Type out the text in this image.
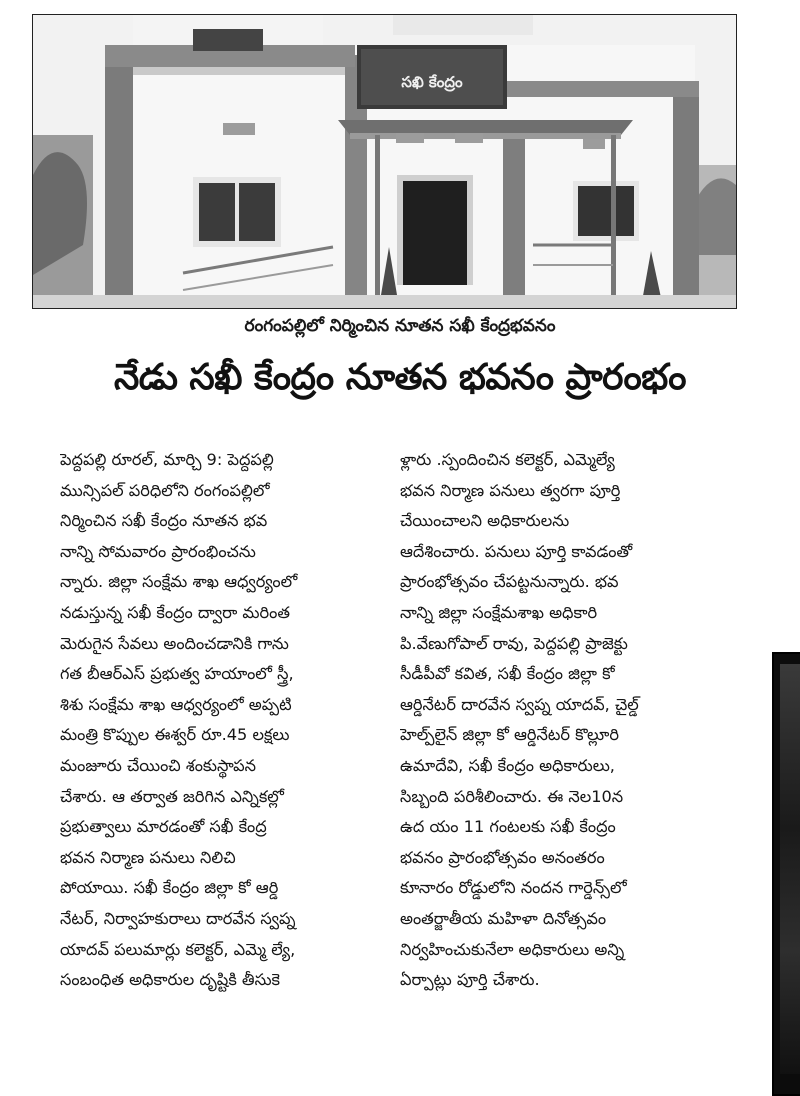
సఖి కేంద్రం
రంగంపల్లిలో నిర్మించిన నూతన సఖీ కేంద్రభవనం
నేడు సఖీ కేంద్రం నూతన భవనం ప్రారంభం

పెద్దపల్లి రూరల్, మార్చి 9: పెద్దపల్లి

మున్సిపల్ పరిధిలోని రంగంపల్లిలో

నిర్మించిన సఖీ కేంద్రం నూతన భవ

నాన్ని సోమవారం ప్రారంభించను

న్నారు. జిల్లా సంక్షేమ శాఖ ఆధ్వర్యంలో

నడుస్తున్న సఖీ కేంద్రం ద్వారా మరింత

మెరుగైన సేవలు అందించడానికి గాను

గత బీఆర్ఎస్ ప్రభుత్వ హయాంలో స్త్రీ,

శిశు సంక్షేమ శాఖ ఆధ్వర్యంలో అప్పటి

మంత్రి కొప్పుల ఈశ్వర్ రూ.45 లక్షలు

మంజూరు చేయించి శంకుస్థాపన

చేశారు. ఆ తర్వాత జరిగిన ఎన్నికల్లో

ప్రభుత్వాలు మారడంతో సఖీ కేంద్ర

భవన నిర్మాణ పనులు నిలిచి

పోయాయి. సఖీ కేంద్రం జిల్లా కో ఆర్డి

నేటర్, నిర్వాహకురాలు దారవేన స్వప్న

యాదవ్ పలుమార్లు కలెక్టర్, ఎమ్మె ల్యే,

సంబంధిత అధికారుల దృష్టికి తీసుకె

ళ్లారు .స్పందించిన కలెక్టర్, ఎమ్మెల్యే

భవన నిర్మాణ పనులు త్వరగా పూర్తి

చేయించాలని అధికారులను

ఆదేశించారు. పనులు పూర్తి కావడంతో

ప్రారంభోత్సవం చేపట్టనున్నారు. భవ

నాన్ని జిల్లా సంక్షేమశాఖ అధికారి

పి.వేణుగోపాల్ రావు, పెద్దపల్లి ప్రాజెక్టు

సీడీపీవో కవిత, సఖీ కేంద్రం జిల్లా కో

ఆర్డినేటర్ దారవేన స్వప్న యాదవ్, చైల్డ్

హెల్ప్‌లైన్ జిల్లా కో ఆర్డినేటర్ కొల్లూరి

ఉమాదేవి, సఖీ కేంద్రం అధికారులు,

సిబ్బంది పరిశీలించారు. ఈ నెల10న

ఉద యం 11 గంటలకు సఖీ కేంద్రం

భవనం ప్రారంభోత్సవం అనంతరం

కూనారం రోడ్డులోని నందన గార్డెన్స్‌లో

అంతర్జాతీయ మహిళా దినోత్సవం

నిర్వహించుకునేలా అధికారులు అన్ని

ఏర్పాట్లు పూర్తి చేశారు.
